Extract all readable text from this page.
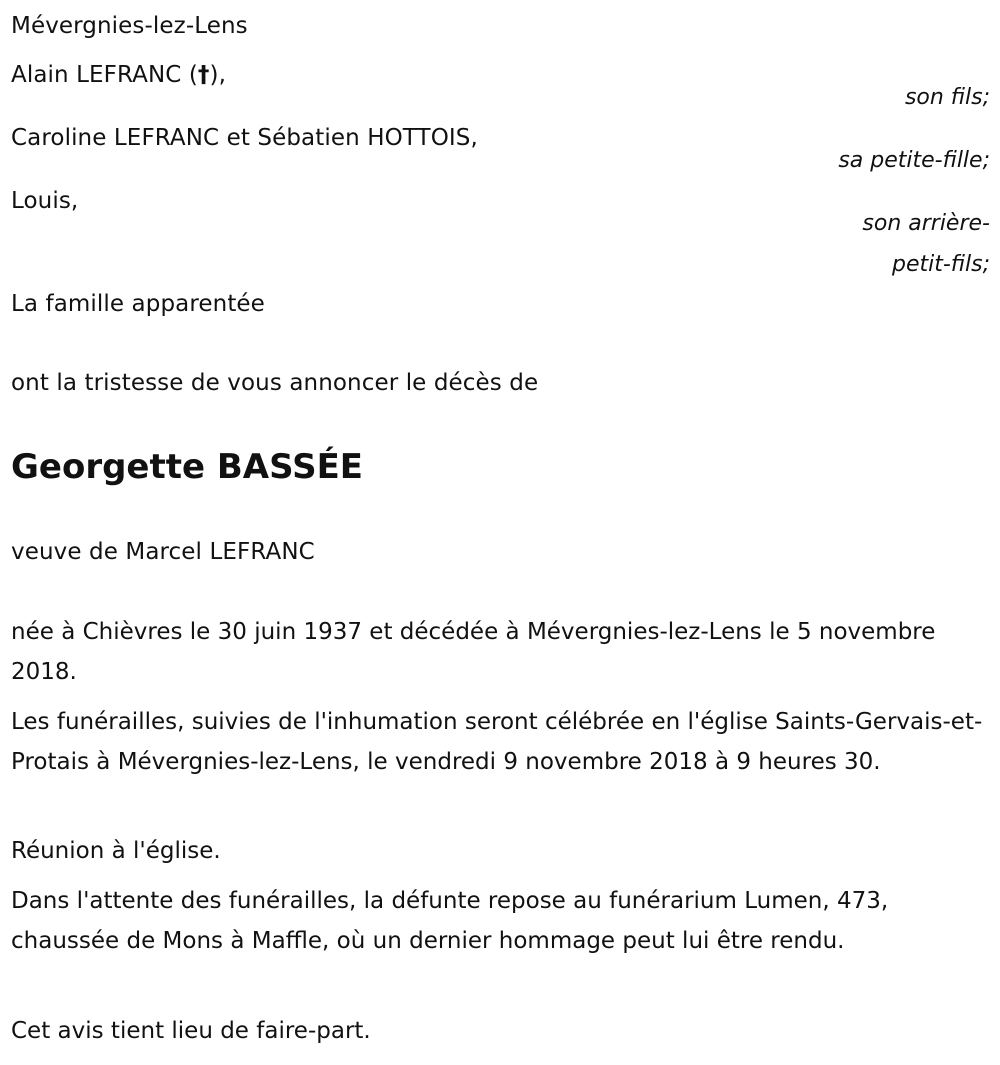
Mévergnies-lez-Lens
Alain LEFRANC (†),
son fils;
Caroline LEFRANC et Sébatien HOTTOIS,
sa petite-fille;
Louis,
son arrière-
petit-fils;
La famille apparentée
ont la tristesse de vous annoncer le décès de
Georgette BASSÉE
veuve de Marcel LEFRANC
née à Chièvres le 30 juin 1937 et décédée à Mévergnies-lez-Lens le 5 novembre 2018.
Les funérailles, suivies de l'inhumation seront célébrée en l'église Saints-Gervais-et-Protais à Mévergnies-lez-Lens, le vendredi 9 novembre 2018 à 9 heures 30.
Réunion à l'église.
Dans l'attente des funérailles, la défunte repose au funérarium Lumen, 473, chaussée de Mons à Maffle, où un dernier hommage peut lui être rendu.
Cet avis tient lieu de faire-part.
